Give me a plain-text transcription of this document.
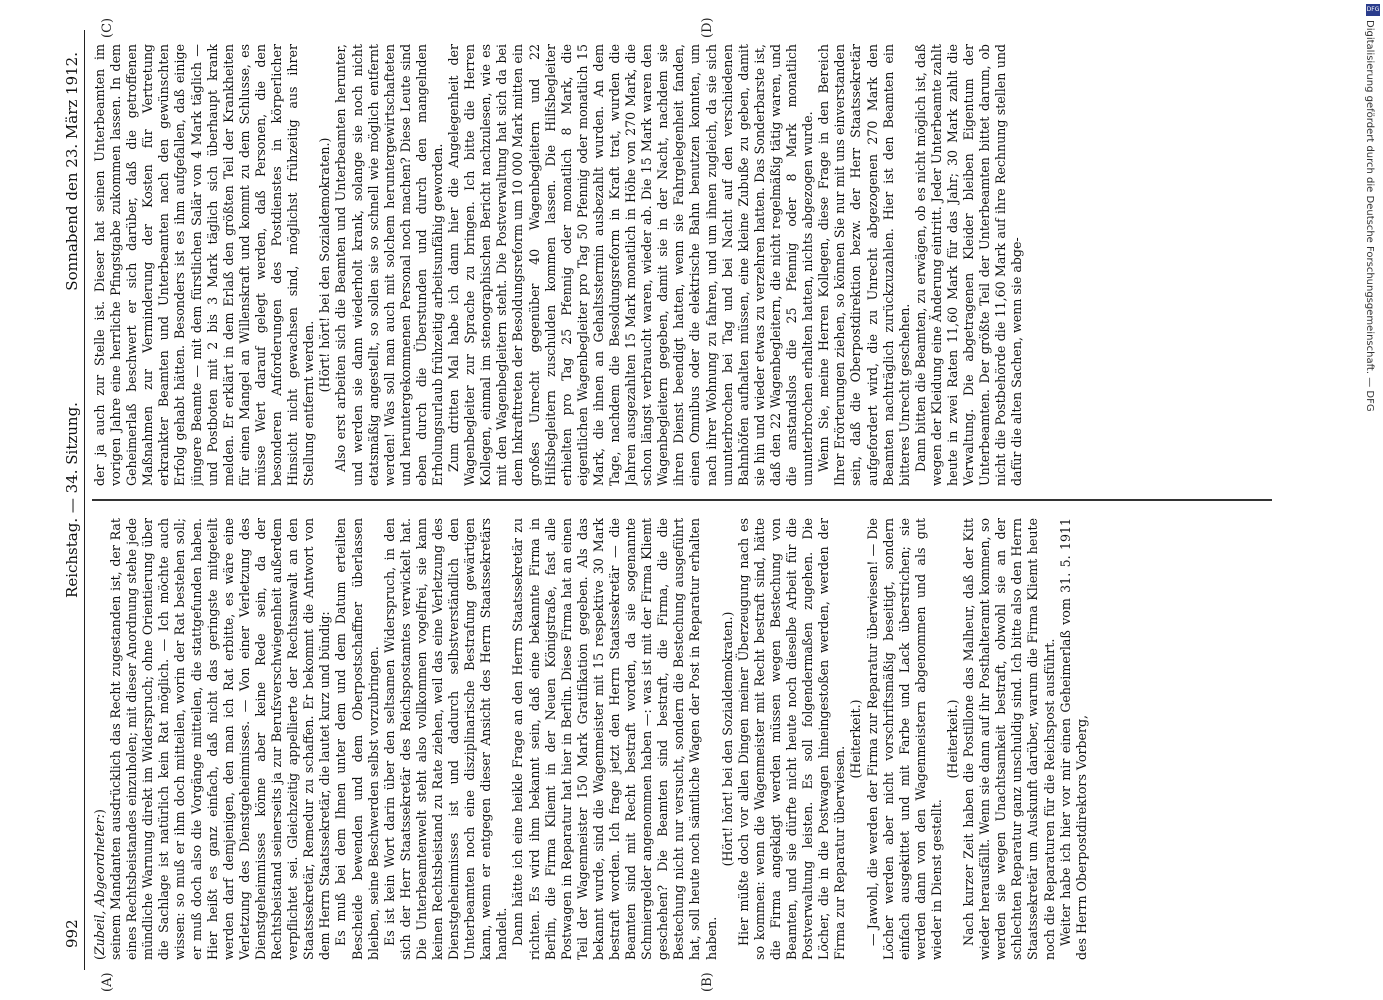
992
Reichstag. — 34. Sitzung.
Sonnabend den 23. März 1912.
(A)	(B)
(C)	(D)

(Zubeil, Abgeordneter:) seinem Mandanten ausdrücklich das Recht zugestanden ist, der Rat eines Rechtsbeistandes einzuholen; mit dieser Anordnung stehe jede mündliche Warnung direkt im Widerspruch; ohne Orientierung über die Sachlage ist natürlich kein Rat möglich. — Ich möchte auch wissen: so muß er ihm doch mitteilen, worin der Rat bestehen soll; er muß doch also die Vorgänge mitteilen, die stattgefunden haben. Hier heißt es ganz einfach, daß nicht das geringste mitgeteilt werden darf demjenigen, den man ich Rat erbitte, es wäre eine Verletzung des Dienstgeheimnisses. — Von einer Verletzung des Dienstgeheimnisses könne aber keine Rede sein, da der Rechtsbeistand seinerseits ja zur Berufsverschwiegenheit außerdem verpflichtet sei. Gleichzeitig appellierte der Rechtsanwalt an den Staatssekretär, Remedur zu schaffen. Er bekommt die Antwort von dem Herrn Staatssekretär, die lautet kurz und bündig: Es muß bei dem Ihnen unter dem und dem Datum erteilten Bescheide bewenden und dem Oberpostschaffner überlassen bleiben, seine Beschwerden selbst vorzubringen. Es ist kein Wort darin über den seltsamen Widerspruch, in den sich der Herr Staatssekretär des Reichspostamtes verwickelt hat. Die Unterbeamtenwelt steht also vollkommen vogelfrei, sie kann keinen Rechtsbeistand zu Rate ziehen, weil das eine Verletzung des Dienstgeheimnisses ist und dadurch selbstverständlich den Unterbeamten noch eine disziplinarische Bestrafung gewärtigen kann, wenn er entgegen dieser Ansicht des Herrn Staatssekretärs handelt. Dann hätte ich eine heikle Frage an den Herrn Staatssekretär zu richten. Es wird ihm bekannt sein, daß eine bekannte Firma in Berlin, die Firma Kliemt in der Neuen Königstraße, fast alle Postwagen in Reparatur hat hier in Berlin. Diese Firma hat an einen Teil der Wagenmeister 150 Mark Gratifikation gegeben. Als das bekannt wurde, sind die Wagenmeister mit 15 respektive 30 Mark bestraft worden. Ich frage jetzt den Herrn Staatssekretär — die Beamten sind mit Recht bestraft worden, da sie sogenannte Schmiergelder angenommen haben —: was ist mit der Firma Kliemt geschehen? Die Beamten sind bestraft, die Firma, die die Bestechung nicht nur versucht, sondern die Bestechung ausgeführt hat, soll heute noch sämtliche Wagen der Post in Reparatur erhalten haben.

(Hört! hört! bei den Sozialdemokraten.) Hier müßte doch vor allen Dingen meiner Überzeugung nach es so kommen: wenn die Wagenmeister mit Recht bestraft sind, hätte die Firma angeklagt werden müssen wegen Bestechung von Beamten, und sie dürfte nicht heute noch dieselbe Arbeit für die Postverwaltung leisten. Es soll folgendermaßen zugehen. Die Löcher, die in die Postwagen hineingestoßen werden, werden der Firma zur Reparatur überwiesen.

(Heiterkeit.) — Jawohl, die werden der Firma zur Reparatur überwiesen! — Die Löcher werden aber nicht vorschriftsmäßig beseitigt, sondern einfach ausgekittet und mit Farbe und Lack überstrichen; sie werden dann von den Wagenmeistern abgenommen und als gut wieder in Dienst gestellt.

(Heiterkeit.) Nach kurzer Zeit haben die Postillone das Malheur, daß der Kitt wieder herausfällt. Wenn sie dann auf ihr Posthalteramt kommen, so werden sie wegen Unachtsamkeit bestraft, obwohl sie an der schlechten Reparatur ganz unschuldig sind. Ich bitte also den Herrn Staatssekretär um Auskunft darüber, warum die Firma Kliemt heute noch die Reparaturen für die Reichspost ausführt. Weiter habe ich hier vor mir einen Geheimerlaß vom 31. 5. 1911 des Herrn Oberpostdirektors Vorberg,

der ja auch zur Stelle ist. Dieser hat seinen Unterbeamten im vorigen Jahre eine herrliche Pfingstgabe zukommen lassen. In dem Geheimerlaß beschwert er sich darüber, daß die getroffenen Maßnahmen zur Verminderung der Kosten für Vertretung erkrankter Beamten und Unterbeamten nach den gewünschten Erfolg gehabt hätten. Besonders ist es ihm aufgefallen, daß einige jüngere Beamte — mit dem fürstlichen Salär von 4 Mark täglich — und Postboten mit 2 bis 3 Mark täglich sich überhaupt krank melden. Er erklärt in dem Erlaß den größten Teil der Krankheiten für einen Mangel an Willenskraft und kommt zu dem Schlusse, es müsse Wert darauf gelegt werden, daß Personen, die den besonderen Anforderungen des Postdienstes in körperlicher Hinsicht nicht gewachsen sind, möglichst frühzeitig aus ihrer Stellung entfernt werden.

(Hört! hört! bei den Sozialdemokraten.) Also erst arbeiten sich die Beamten und Unterbeamten herunter, und werden sie dann wiederholt krank, solange sie noch nicht etatsmäßig angestellt, so sollen sie so schnell wie möglich entfernt werden! Was soll man auch mit solchem heruntergewirtschafteten und heruntergekommenen Personal noch machen? Diese Leute sind eben durch die Überstunden und durch den mangelnden Erholungsurlaub frühzeitig arbeitsunfähig geworden. Zum dritten Mal habe ich dann hier die Angelegenheit der Wagenbegleiter zur Sprache zu bringen. Ich bitte die Herren Kollegen, einmal im stenographischen Bericht nachzulesen, wie es mit den Wagenbegleitern steht. Die Postverwaltung hat sich da bei dem Inkrafttreten der Besoldungsreform um 10 000 Mark mitten ein großes Unrecht gegenüber 40 Wagenbegleitern und 22 Hilfsbegleitern zuschulden kommen lassen. Die Hilfsbegleiter erhielten pro Tag 25 Pfennig oder monatlich 8 Mark, die eigentlichen Wagenbegleiter pro Tag 50 Pfennig oder monatlich 15 Mark, die ihnen an Gehaltsstermin ausbezahlt wurden. An dem Tage, nachdem die Besoldungsreform in Kraft trat, wurden die Jahren ausgezahlten 15 Mark monatlich in Höhe von 270 Mark, die schon längst verbraucht waren, wieder ab. Die 15 Mark waren den Wagenbegleitern gegeben, damit sie in der Nacht, nachdem sie ihren Dienst beendigt hatten, wenn sie Fahrgelegenheit fanden, einen Omnibus oder die elektrische Bahn benutzen konnten, um nach ihrer Wohnung zu fahren, und um ihnen zugleich, da sie sich ununterbrochen bei Tag und bei Nacht auf den verschiedenen Bahnhöfen aufhalten müssen, eine kleine Zubuße zu geben, damit sie hin und wieder etwas zu verzehren hatten. Das Sonderbarste ist, daß den 22 Wagenbegleitern, die nicht regelmäßig tätig waren, und die anstandslos die 25 Pfennig oder 8 Mark monatlich ununterbrochen erhalten hatten, nichts abgezogen wurde. Wenn Sie, meine Herren Kollegen, diese Frage in den Bereich Ihrer Erörterungen ziehen, so können Sie nur mit uns einverstanden sein, daß die Oberpostdirektion bezw. der Herr Staatssekretär aufgefordert wird, die zu Unrecht abgezogenen 270 Mark den Beamten nachträglich zurückzuzahlen. Hier ist den Beamten ein bitteres Unrecht geschehen. Dann bitten die Beamten, zu erwägen, ob es nicht möglich ist, daß wegen der Kleidung eine Änderung eintritt. Jeder Unterbeamte zahlt heute in zwei Raten 11,60 Mark für das Jahr; 30 Mark zahlt die Verwaltung. Die abgetragenen Kleider bleiben Eigentum der Unterbeamten. Der größte Teil der Unterbeamten bittet darum, ob nicht die Postbehörde die 11,60 Mark auf ihre Rechnung stellen und dafür die alten Sachen, wenn sie abge-

DFG
Digitalisierung gefördert durch die Deutsche Forschungsgemeinschaft. — DFG
